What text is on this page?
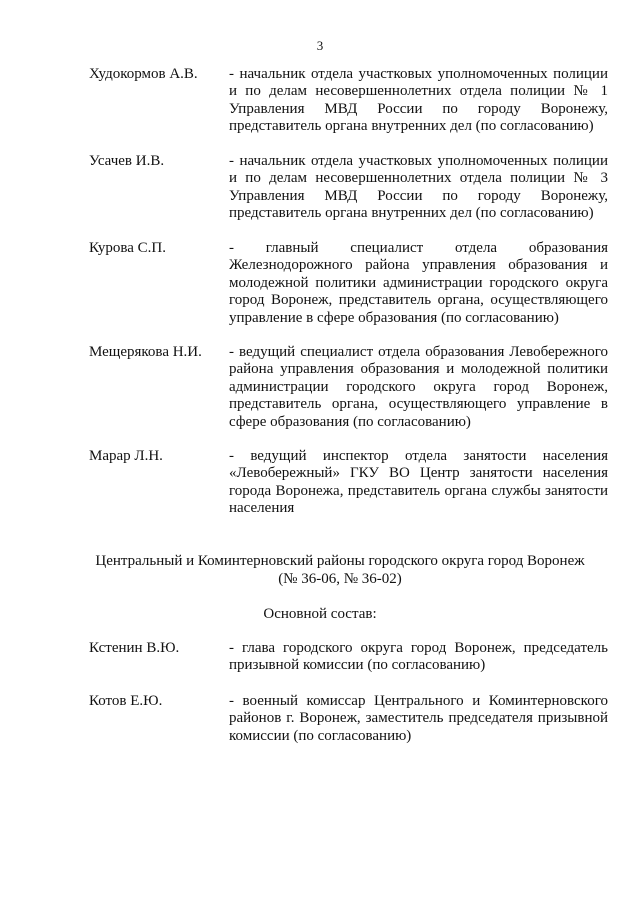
3
Худокормов А.В. - начальник отдела участковых уполномоченных полиции и по делам несовершеннолетних отдела полиции № 1 Управления МВД России по городу Воронежу, представитель органа внутренних дел (по согласованию)
Усачев И.В.	- начальник отдела участковых уполномоченных полиции и по делам несовершеннолетних отдела полиции № 3 Управления МВД России по городу Воронежу, представитель органа внутренних дел (по согласованию)
Курова С.П.	- главный специалист отдела образования Железнодорожного района управления образования и молодежной политики администрации городского округа город Воронеж, представитель органа, осуществляющего управление в сфере образования (по согласованию)
Мещерякова Н.И. - ведущий специалист отдела образования Левобережного района управления образования и молодежной политики администрации городского округа город Воронеж, представитель органа, осуществляющего управление в сфере образования (по согласованию)
Марар Л.Н.	- ведущий инспектор отдела занятости населения «Левобережный» ГКУ ВО Центр занятости населения города Воронежа, представитель органа службы занятости населения
Центральный и Коминтерновский районы городского округа город Воронеж
(№ 36-06, № 36-02)
Основной состав:
Кстенин В.Ю.	- глава городского округа город Воронеж, председатель призывной комиссии (по согласованию)
Котов Е.Ю.	- военный комиссар Центрального и Коминтерновского районов г. Воронеж, заместитель председателя призывной комиссии (по согласованию)
